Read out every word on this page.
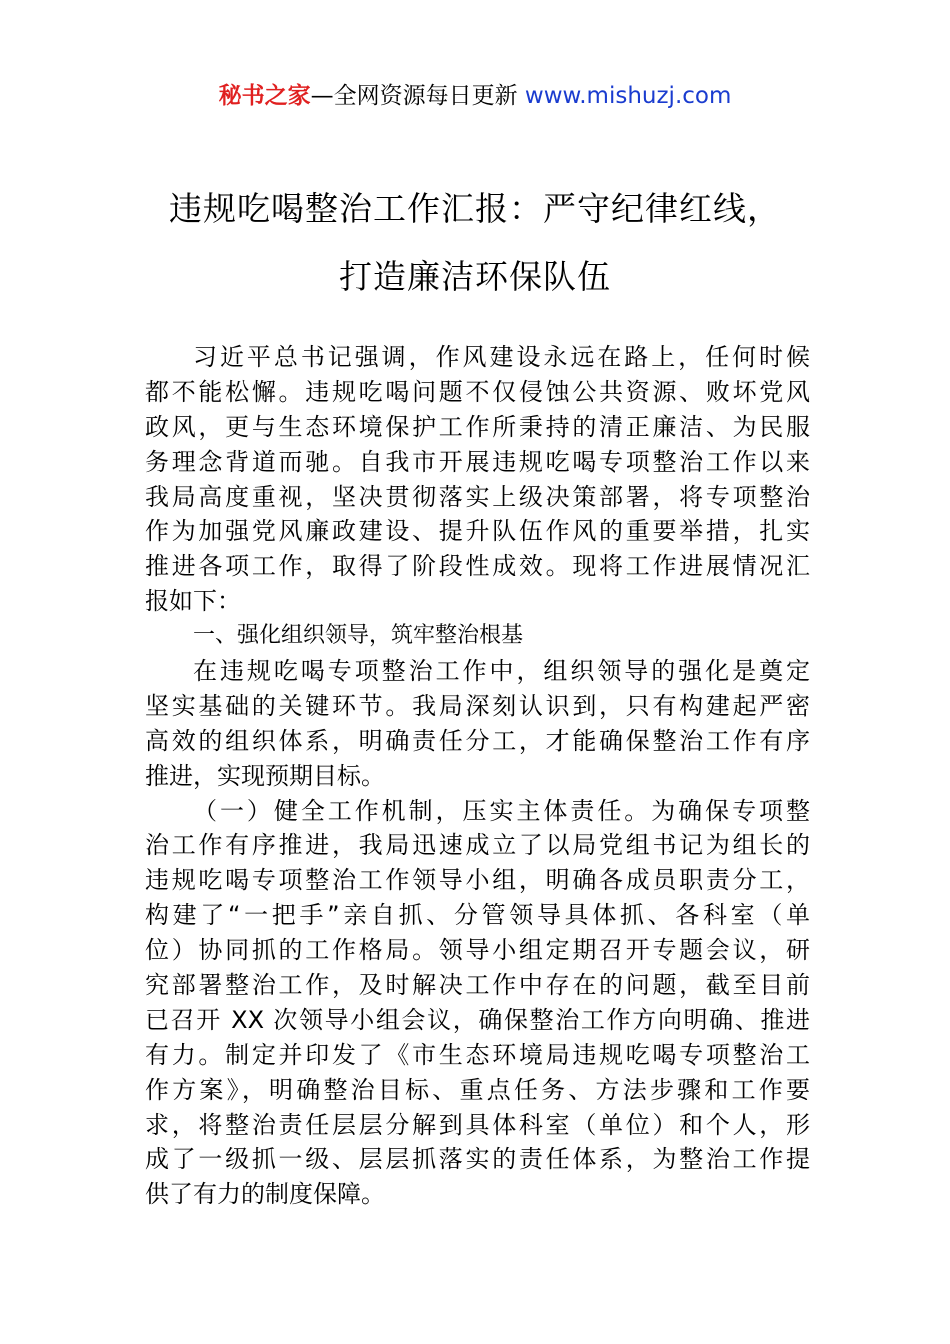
秘书之家—全网资源每日更新 www.mishuzj.com
违规吃喝整治工作汇报：严守纪律红线，
打造廉洁环保队伍
习近平总书记强调，作风建设永远在路上，任何时候
都不能松懈。违规吃喝问题不仅侵蚀公共资源、败坏党风
政风，更与生态环境保护工作所秉持的清正廉洁、为民服
务理念背道而驰。自我市开展违规吃喝专项整治工作以来
我局高度重视，坚决贯彻落实上级决策部署，将专项整治
作为加强党风廉政建设、提升队伍作风的重要举措，扎实
推进各项工作，取得了阶段性成效。现将工作进展情况汇
报如下：
一、强化组织领导，筑牢整治根基
在违规吃喝专项整治工作中，组织领导的强化是奠定
坚实基础的关键环节。我局深刻认识到，只有构建起严密
高效的组织体系，明确责任分工，才能确保整治工作有序
推进，实现预期目标。
（一）健全工作机制，压实主体责任。为确保专项整
治工作有序推进，我局迅速成立了以局党组书记为组长的
违规吃喝专项整治工作领导小组，明确各成员职责分工，
构建了“一把手”亲自抓、分管领导具体抓、各科室（单
位）协同抓的工作格局。领导小组定期召开专题会议，研
究部署整治工作，及时解决工作中存在的问题，截至目前
已召开 XX 次领导小组会议，确保整治工作方向明确、推进
有力。制定并印发了《市生态环境局违规吃喝专项整治工
作方案》，明确整治目标、重点任务、方法步骤和工作要
求，将整治责任层层分解到具体科室（单位）和个人，形
成了一级抓一级、层层抓落实的责任体系，为整治工作提
供了有力的制度保障。
